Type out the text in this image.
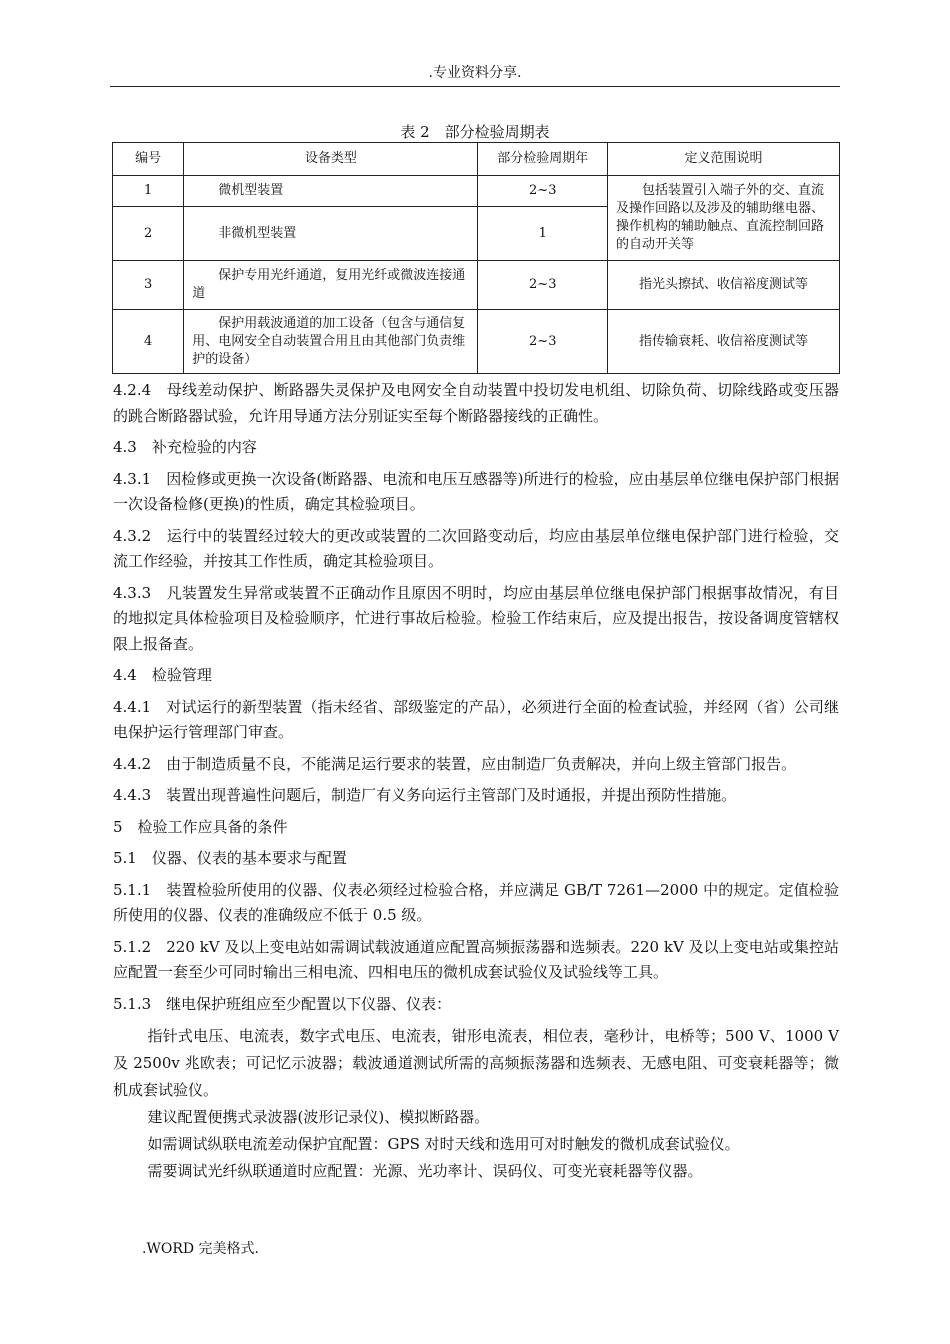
.专业资料分享.
表 2　部分检验周期表
编号	设备类型	部分检验周期年	定义范围说明
1	微机型装置	2~3	包括装置引入端子外的交、直流及操作回路以及涉及的辅助继电器、操作机构的辅助触点、直流控制回路的自动开关等
2	非微机型装置	1	
3	保护专用光纤通道，复用光纤或微波连接通道	2~3	指光头擦拭、收信裕度测试等
4	保护用载波通道的加工设备（包含与通信复用、电网安全自动装置合用且由其他部门负责维护的设备）	2~3	指传输衰耗、收信裕度测试等

4.2.4　母线差动保护、断路器失灵保护及电网安全自动装置中投切发电机组、切除负荷、切除线路或变压器的跳合断路器试验，允许用导通方法分别证实至每个断路器接线的正确性。

4.3　补充检验的内容

4.3.1　因检修或更换一次设备(断路器、电流和电压互感器等)所进行的检验，应由基层单位继电保护部门根据一次设备检修(更换)的性质，确定其检验项目。

4.3.2　运行中的装置经过较大的更改或装置的二次回路变动后，均应由基层单位继电保护部门进行检验，交流工作经验，并按其工作性质，确定其检验项目。

4.3.3　凡装置发生异常或装置不正确动作且原因不明时，均应由基层单位继电保护部门根据事故情况，有目的地拟定具体检验项目及检验顺序，忙进行事故后检验。检验工作结束后，应及提出报告，按设备调度管辖权限上报备查。

4.4　检验管理

4.4.1　对试运行的新型装置（指未经省、部级鉴定的产品），必须进行全面的检查试验，并经网（省）公司继电保护运行管理部门审查。

4.4.2　由于制造质量不良，不能满足运行要求的装置，应由制造厂负责解决，并向上级主管部门报告。

4.4.3　装置出现普遍性问题后，制造厂有义务向运行主管部门及时通报，并提出预防性措施。

5　检验工作应具备的条件

5.1　仪器、仪表的基本要求与配置

5.1.1　装置检验所使用的仪器、仪表必须经过检验合格，并应满足 GB/T 7261—2000 中的规定。定值检验所使用的仪器、仪表的准确级应不低于 0.5 级。

5.1.2　220 kV 及以上变电站如需调试载波通道应配置高频振荡器和选频表。220 kV 及以上变电站或集控站应配置一套至少可同时输出三相电流、四相电压的微机成套试验仪及试验线等工具。

5.1.3　继电保护班组应至少配置以下仪器、仪表：

指针式电压、电流表，数字式电压、电流表，钳形电流表，相位表，毫秒计，电桥等；500 V、1000 V 及 2500v 兆欧表；可记忆示波器；载波通道测试所需的高频振荡器和选频表、无感电阻、可变衰耗器等；微机成套试验仪。

建议配置便携式录波器(波形记录仪)、模拟断路器。

如需调试纵联电流差动保护宜配置：GPS 对时天线和选用可对时触发的微机成套试验仪。

需要调试光纤纵联通道时应配置：光源、光功率计、误码仪、可变光衰耗器等仪器。

.WORD 完美格式.
